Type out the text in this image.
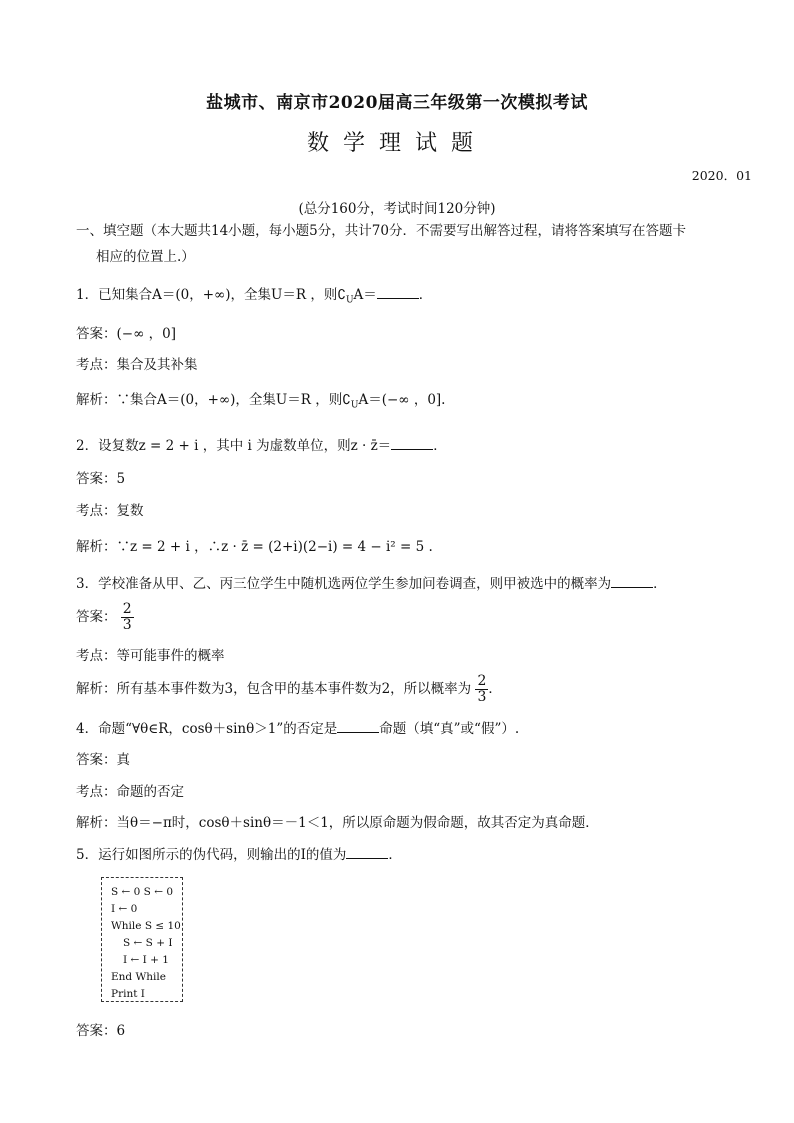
盐城市、南京市2020届高三年级第一次模拟考试
数学理试题
2020．01
(总分160分，考试时间120分钟)
一、填空题（本大题共14小题，每小题5分，共计70分．不需要写出解答过程，请将答案填写在答题卡
相应的位置上.）
1．已知集合A＝(0，+∞)，全集U＝R ，则$∁_UA=$	．
答案：(−∞ ，0]
考点：集合及其补集
解析：∵集合A＝(0，+∞)，全集U＝R ，则$∁_UA=(-\infty$ ，0].
2．设复数z = 2 + i ，其中 i 为虚数单位，则z · z̄＝	．
答案：5
考点：复数
解析：∵z = 2 + i ，∴z · z̄ = (2+i)(2−i) = 4 − i² = 5 .
3．学校准备从甲、乙、丙三位学生中随机选两位学生参加问卷调查，则甲被选中的概率为	．
答案： $\frac{2}{3}$
考点：等可能事件的概率
解析：所有基本事件数为3，包含甲的基本事件数为2，所以概率为 $\frac{2}{3}$ ．
4．命题“∀θ∈R，cosθ＋sinθ＞1”的否定是	命题（填“真”或“假”）.
答案：真
考点：命题的否定
解析：当θ＝−π时，cosθ＋sinθ＝－1＜1，所以原命题为假命题，故其否定为真命题．
5．运行如图所示的伪代码，则输出的I的值为	．
S ← 0 S ← 0
I ← 0
While S ≤ 10
S ← S + I
I ← I + 1
End While
Print I
答案：6
